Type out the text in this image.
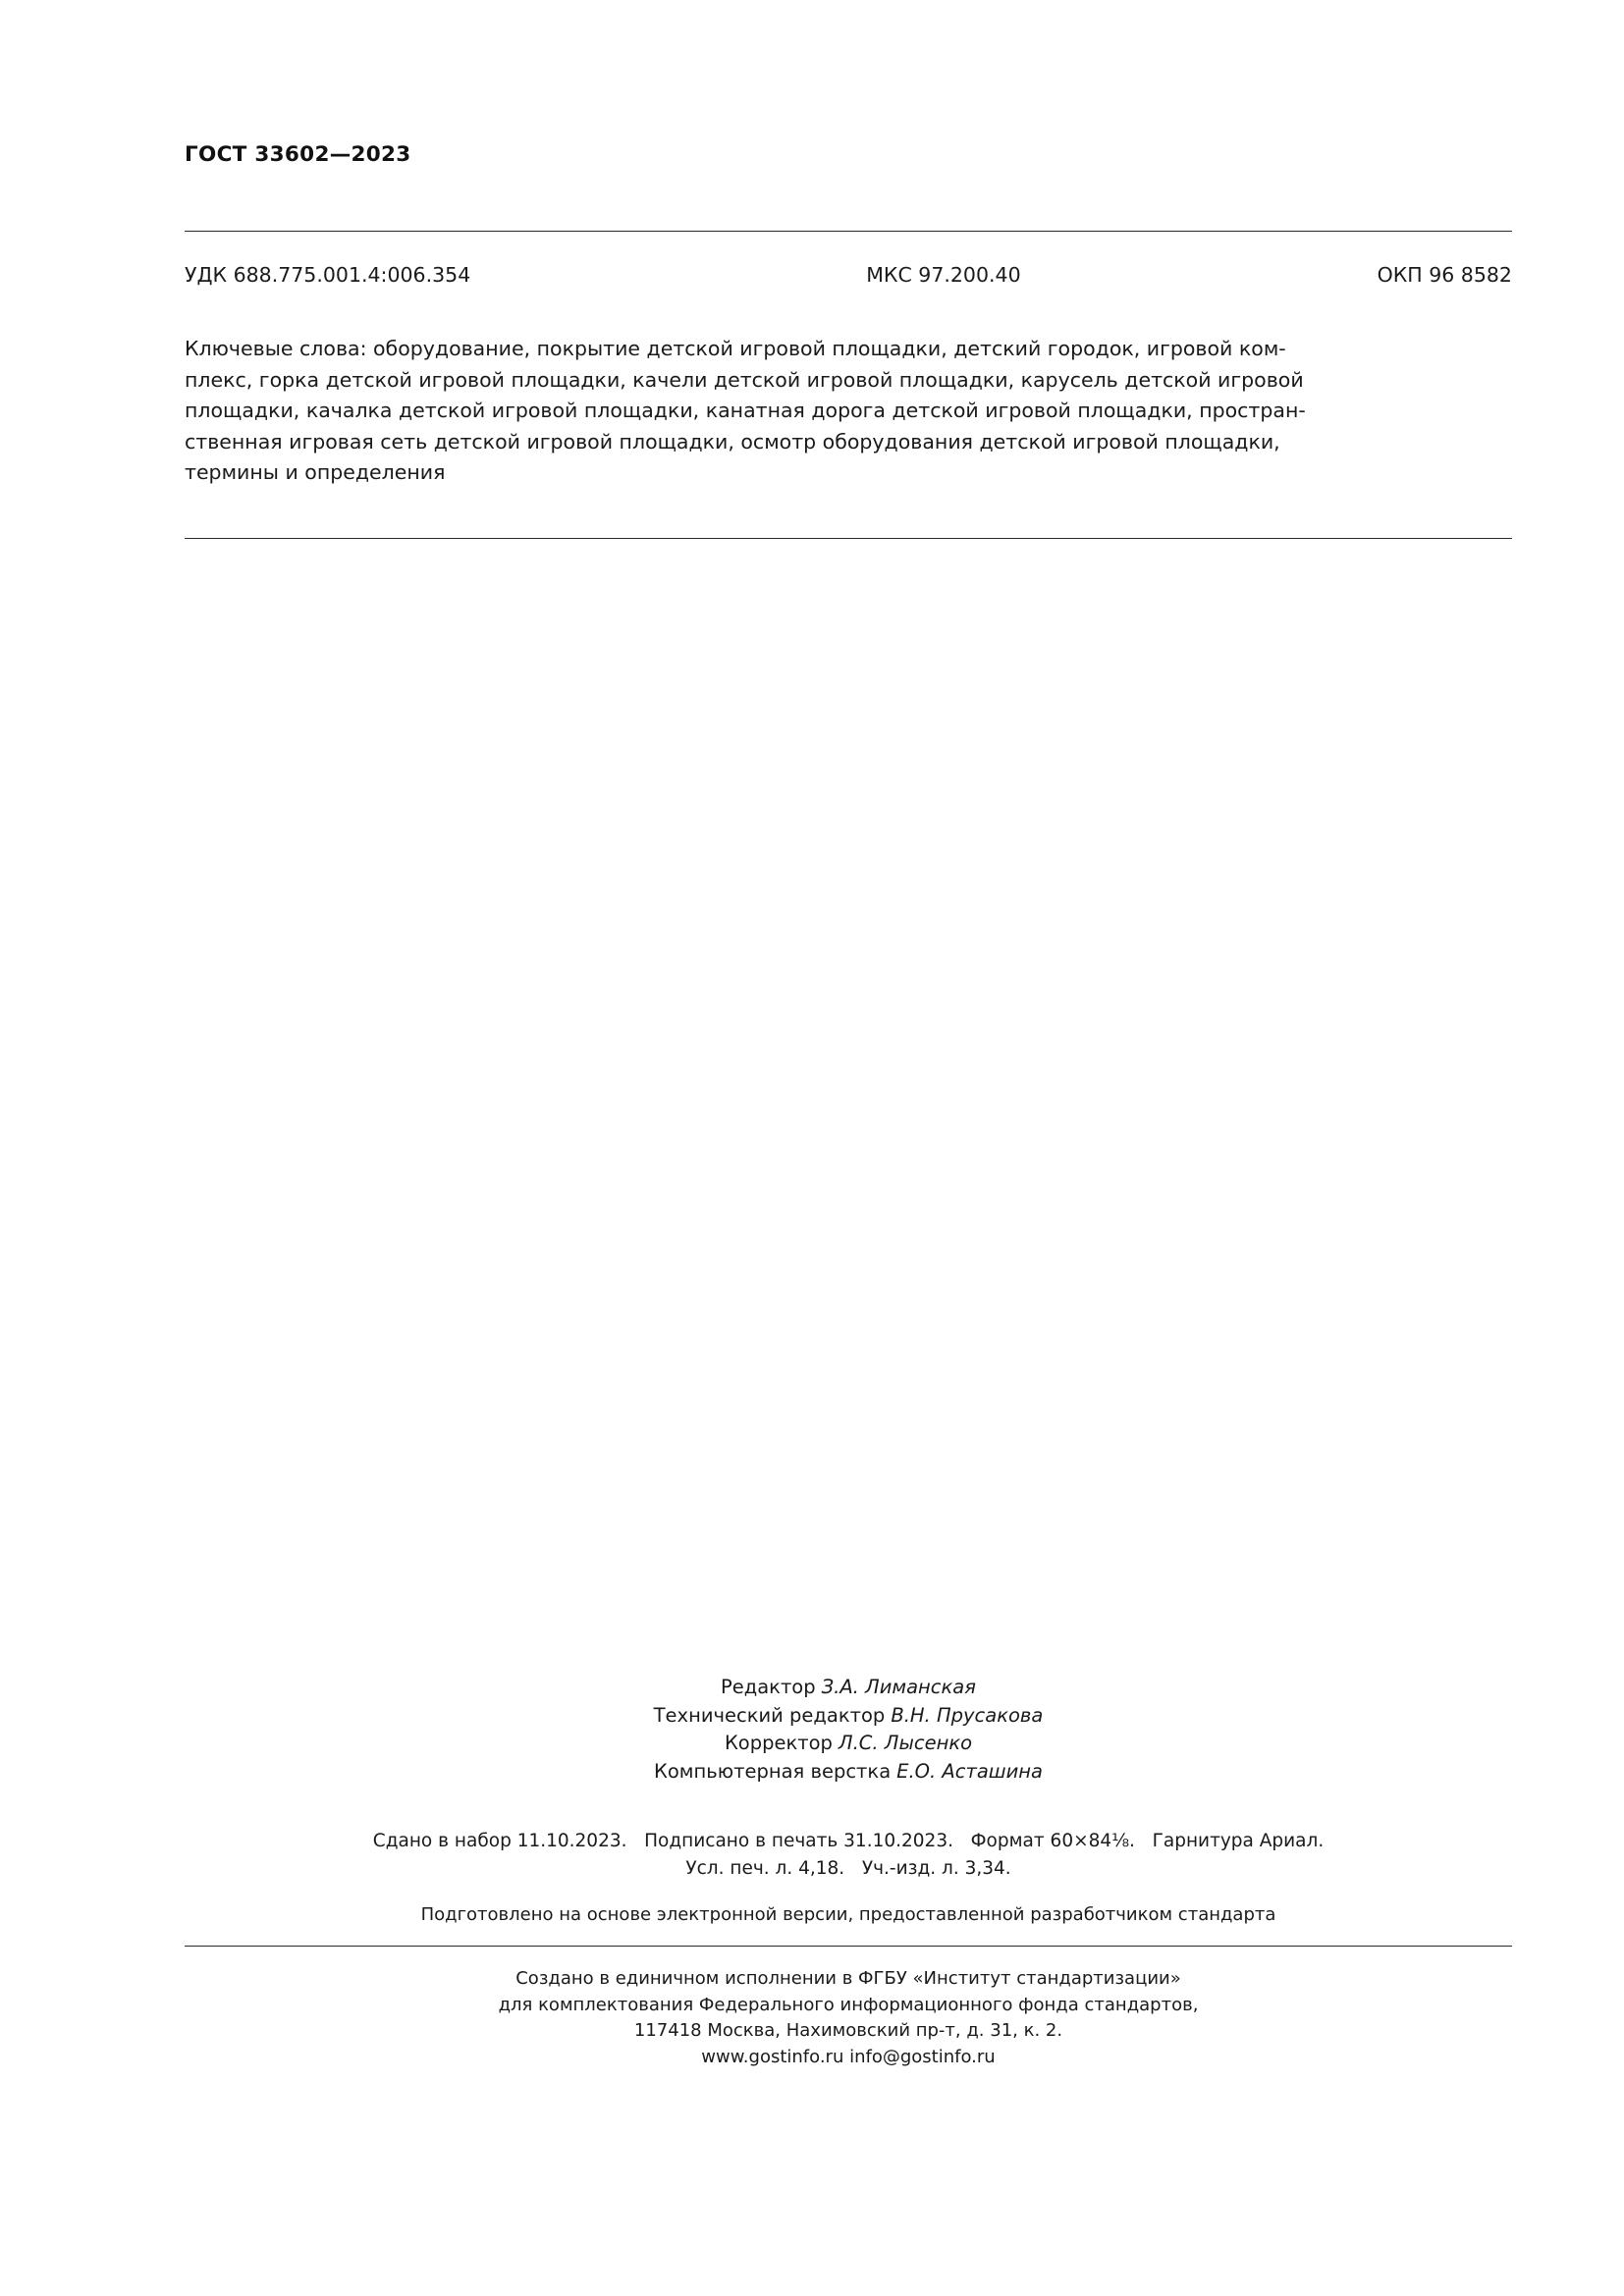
ГОСТ 33602—2023
УДК 688.775.001.4:006.354	МКС 97.200.40	ОКП 96 8582
Ключевые слова: оборудование, покрытие детской игровой площадки, детский городок, игровой ком-
плекс, горка детской игровой площадки, качели детской игровой площадки, карусель детской игровой
площадки, качалка детской игровой площадки, канатная дорога детской игровой площадки, простран-
ственная игровая сеть детской игровой площадки, осмотр оборудования детской игровой площадки,
термины и определения
Редактор З.А. Лиманская
Технический редактор В.Н. Прусакова
Корректор Л.С. Лысенко
Компьютерная верстка Е.О. Асташина
Сдано в набор 11.10.2023.   Подписано в печать 31.10.2023.   Формат 60×84⅛.   Гарнитура Ариал.
Усл. печ. л. 4,18.   Уч.-изд. л. 3,34.
Подготовлено на основе электронной версии, предоставленной разработчиком стандарта
Создано в единичном исполнении в ФГБУ «Институт стандартизации»
для комплектования Федерального информационного фонда стандартов,
117418 Москва, Нахимовский пр-т, д. 31, к. 2.
www.gostinfo.ru info@gostinfo.ru
